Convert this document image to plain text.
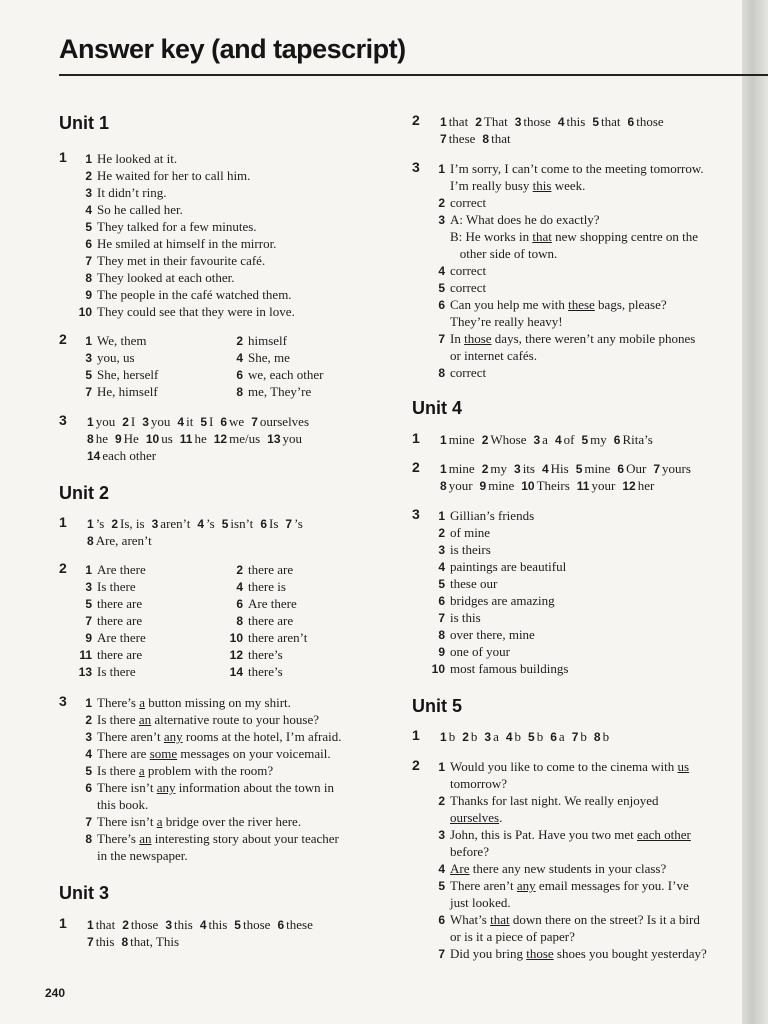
Answer key (and tapescript)
Unit 1
1	1 He looked at it.
2 He waited for her to call him.
3 It didn’t ring.
4 So he called her.
5 They talked for a few minutes.
6 He smiled at himself in the mirror.
7 They met in their favourite café.
8 They looked at each other.
9 The people in the café watched them.
10 They could see that they were in love.
2	1 We, them	2 himself
3 you, us	4 She, me
5 She, herself	6 we, each other
7 He, himself	8 me, They’re
3 1 you 2 I 3 you 4 it 5 I 6 we 7 ourselves
8 he 9 He 10 us 11 he 12 me/us 13 you
14 each other
Unit 2
1 1 ’s 2 Is, is 3 aren’t 4 ’s 5 isn’t 6 Is 7 ’s
8 Are, aren’t
2	1 Are there	2 there are
3 Is there	4 there is
5 there are	6 Are there
7 there are	8 there are
9 Are there	10 there aren’t
11 there are	12 there’s
13 Is there	14 there’s
3	1 There’s a button missing on my shirt.
2 Is there an alternative route to your house?
3 There aren’t any rooms at the hotel, I’m afraid.
4 There are some messages on your voicemail.
5 Is there a problem with the room?
6 There isn’t any information about the town in
this book.
7 There isn’t a bridge over the river here.
8 There’s an interesting story about your teacher
in the newspaper.
Unit 3
1 1 that 2 those 3 this 4 this 5 those 6 these
7 this 8 that, This
2 1 that 2 That 3 those 4 this 5 that 6 those
7 these 8 that
3	1 I’m sorry, I can’t come to the meeting tomorrow.
I’m really busy this week.
2 correct
3 A: What does he do exactly?
B: He works in that new shopping centre on the
other side of town.
4 correct
5 correct
6 Can you help me with these bags, please?
They’re really heavy!
7 In those days, there weren’t any mobile phones
or internet cafés.
8 correct
Unit 4
1 1 mine 2 Whose 3 a 4 of 5 my 6 Rita’s
2 1 mine 2 my 3 its 4 His 5 mine 6 Our 7 yours
8 your 9 mine 10 Theirs 11 your 12 her
3	1 Gillian’s friends
2 of mine
3 is theirs
4 paintings are beautiful
5 these our
6 bridges are amazing
7 is this
8 over there, mine
9 one of your
10 most famous buildings
Unit 5
1 1 b 2 b 3 a 4 b 5 b 6 a 7 b 8 b
2	1 Would you like to come to the cinema with us
tomorrow?
2 Thanks for last night. We really enjoyed
ourselves.
3 John, this is Pat. Have you two met each other
before?
4 Are there any new students in your class?
5 There aren’t any email messages for you. I’ve
just looked.
6 What’s that down there on the street? Is it a bird
or is it a piece of paper?
7 Did you bring those shoes you bought yesterday?
240
